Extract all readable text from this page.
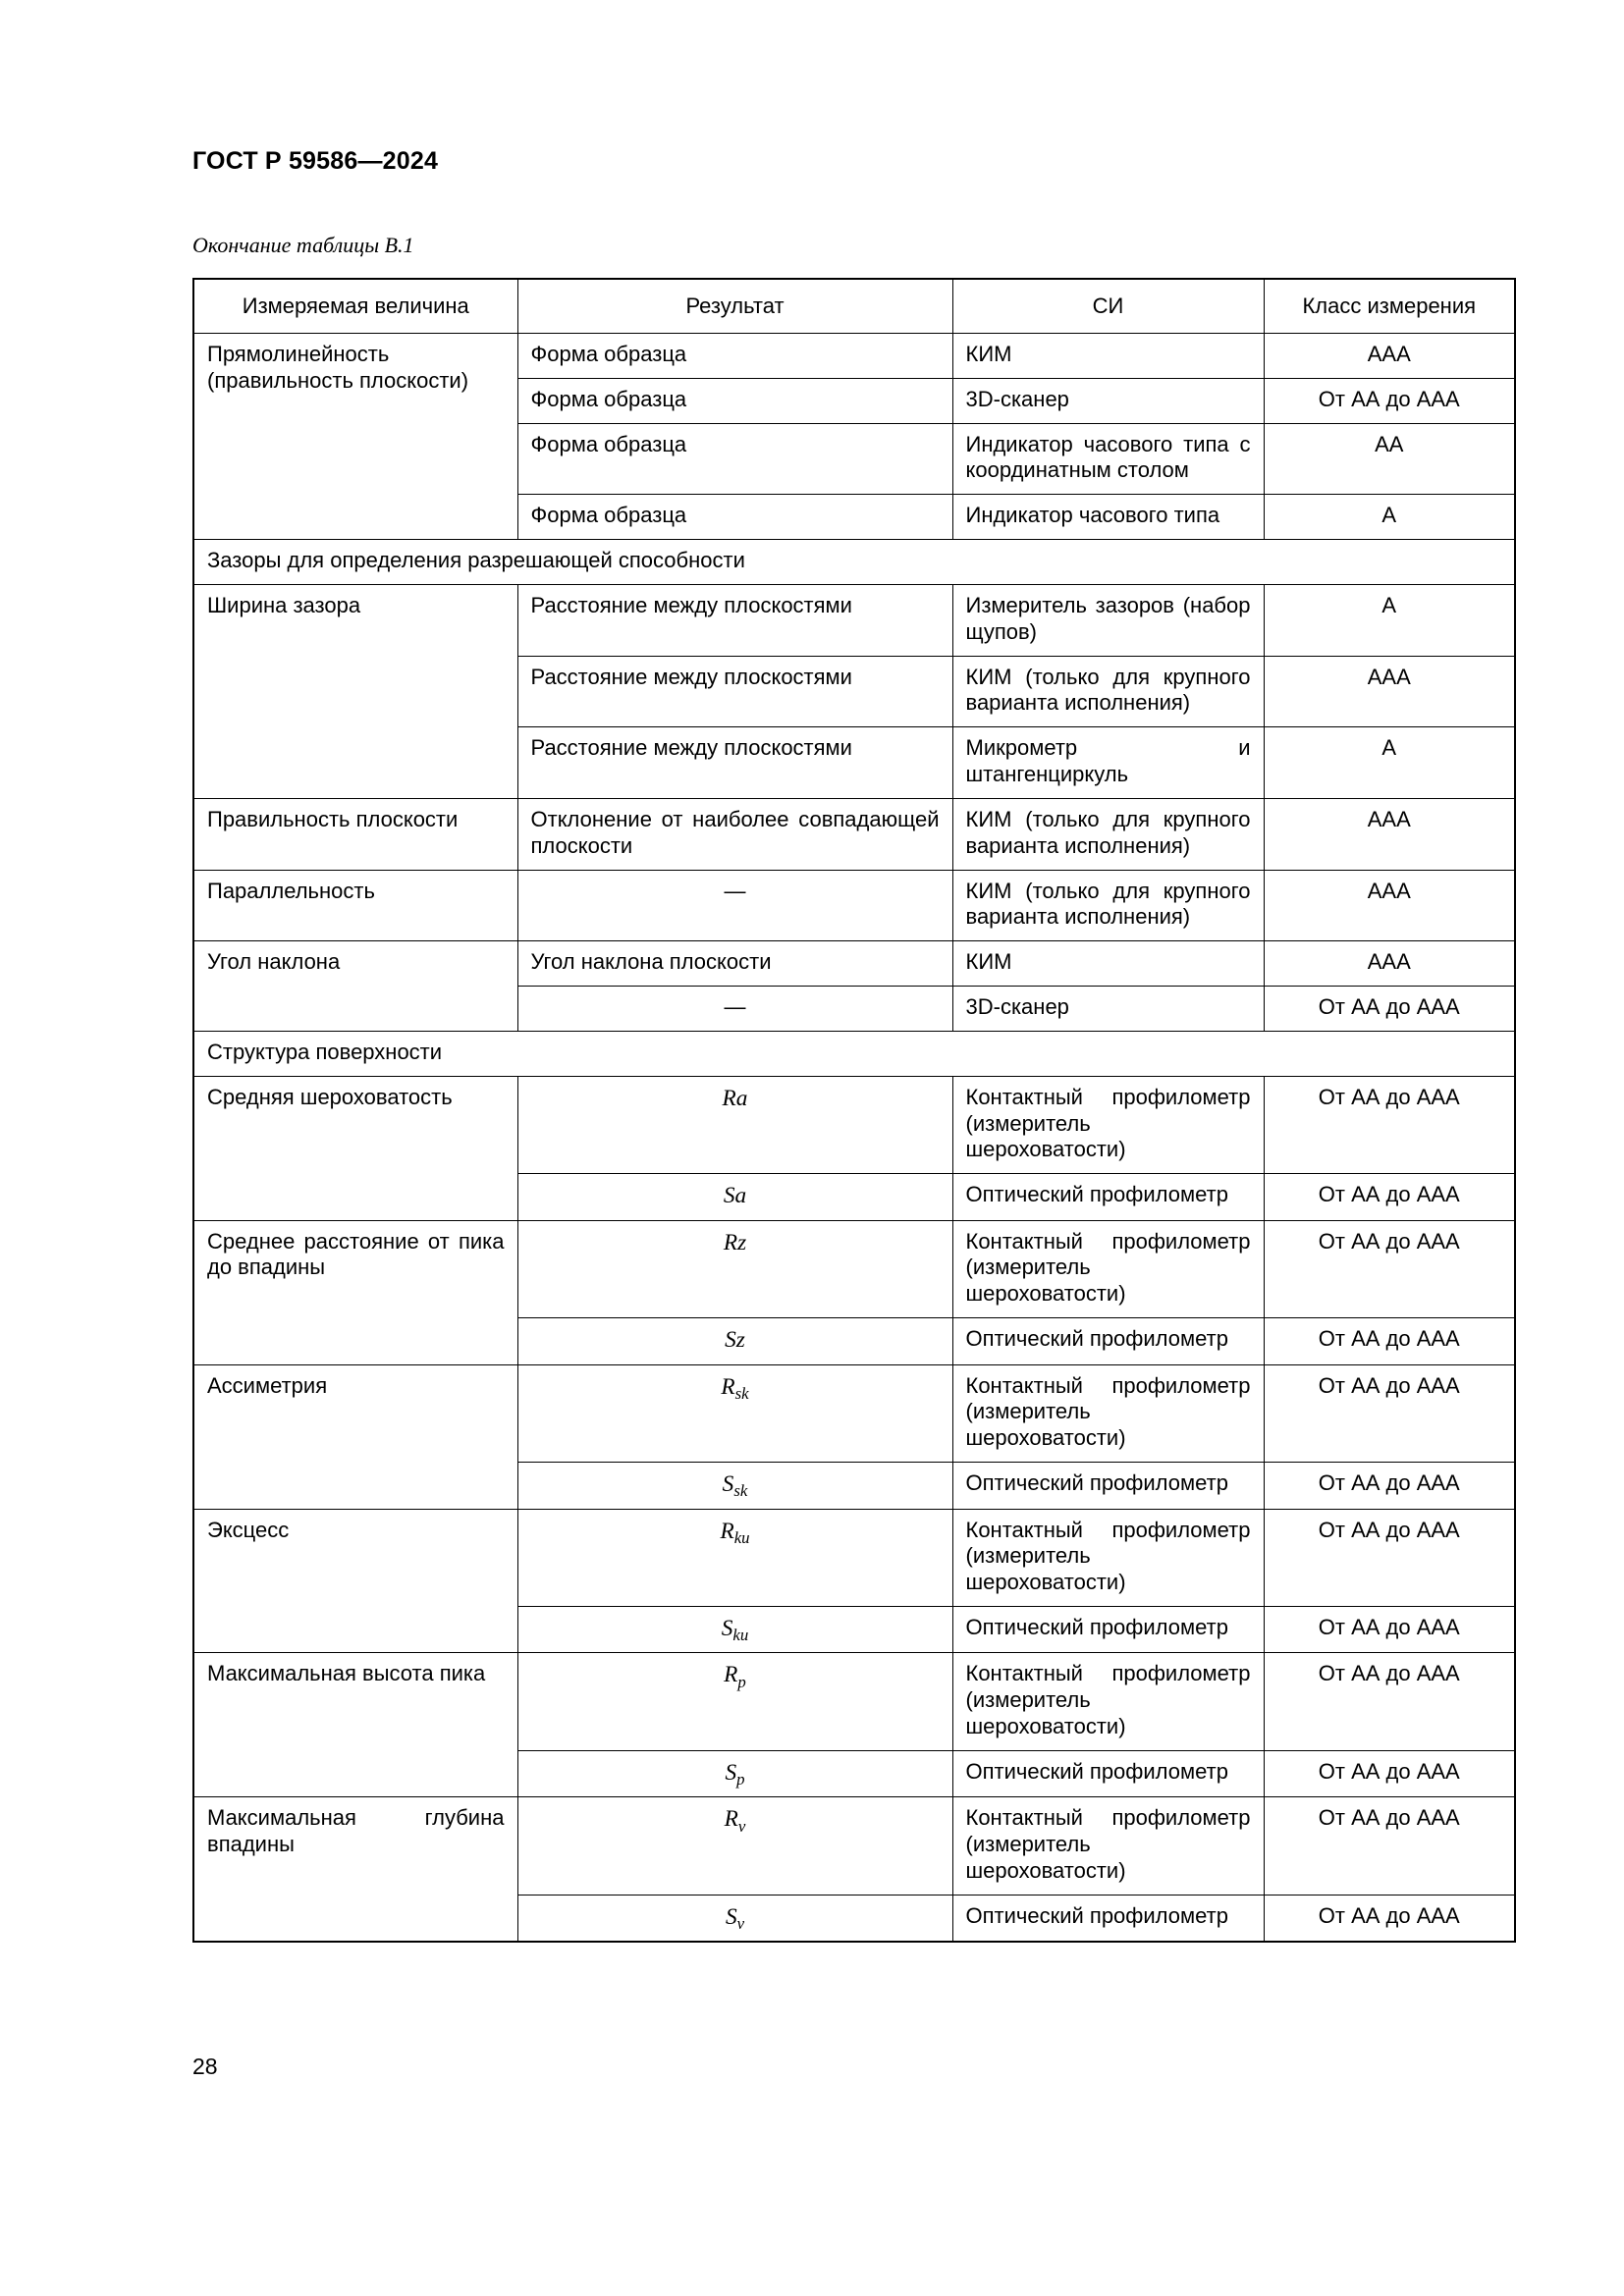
ГОСТ Р 59586—2024
Окончание таблицы В.1
Измеряемая величина	Результат	СИ	Класс измерения
Прямолинейность (правильность плоскости)	Форма образца	КИМ	ААА
	Форма образца	3D-сканер	От АА до ААА
	Форма образца	Индикатор часового типа с координатным столом	АА
	Форма образца	Индикатор часового типа	А
Зазоры для определения разрешающей способности			
Ширина зазора	Расстояние между плоскостями	Измеритель зазоров (набор щупов)	А
	Расстояние между плоскостями	КИМ (только для крупного варианта исполнения)	ААА
	Расстояние между плоскостями	Микрометр и штангенциркуль	А
Правильность плоскости	Отклонение от наиболее совпадающей плоскости	КИМ (только для крупного варианта исполнения)	ААА
Параллельность	—	КИМ (только для крупного варианта исполнения)	ААА
Угол наклона	Угол наклона плоскости	КИМ	ААА
	—	3D-сканер	От АА до ААА
Структура поверхности			
Средняя шероховатость	Ra	Контактный профилометр (измеритель шероховатости)	От АА до ААА
	Sa	Оптический профилометр	От АА до ААА
Среднее расстояние от пика до впадины	Rz	Контактный профилометр (измеритель шероховатости)	От АА до ААА
	Sz	Оптический профилометр	От АА до ААА
Ассиметрия	$R_{sk}$	Контактный профилометр (измеритель шероховатости)	От АА до ААА
	$S_{sk}$	Оптический профилометр	От АА до ААА
Эксцесс	$R_{ku}$	Контактный профилометр (измеритель шероховатости)	От АА до ААА
	$S_{ku}$	Оптический профилометр	От АА до ААА
Максимальная высота пика	$R_p$	Контактный профилометр (измеритель шероховатости)	От АА до ААА
	$S_p$	Оптический профилометр	От АА до ААА
Максимальная глубина впадины	$R_v$	Контактный профилометр (измеритель шероховатости)	От АА до ААА
	$S_v$	Оптический профилометр	От АА до ААА
28
